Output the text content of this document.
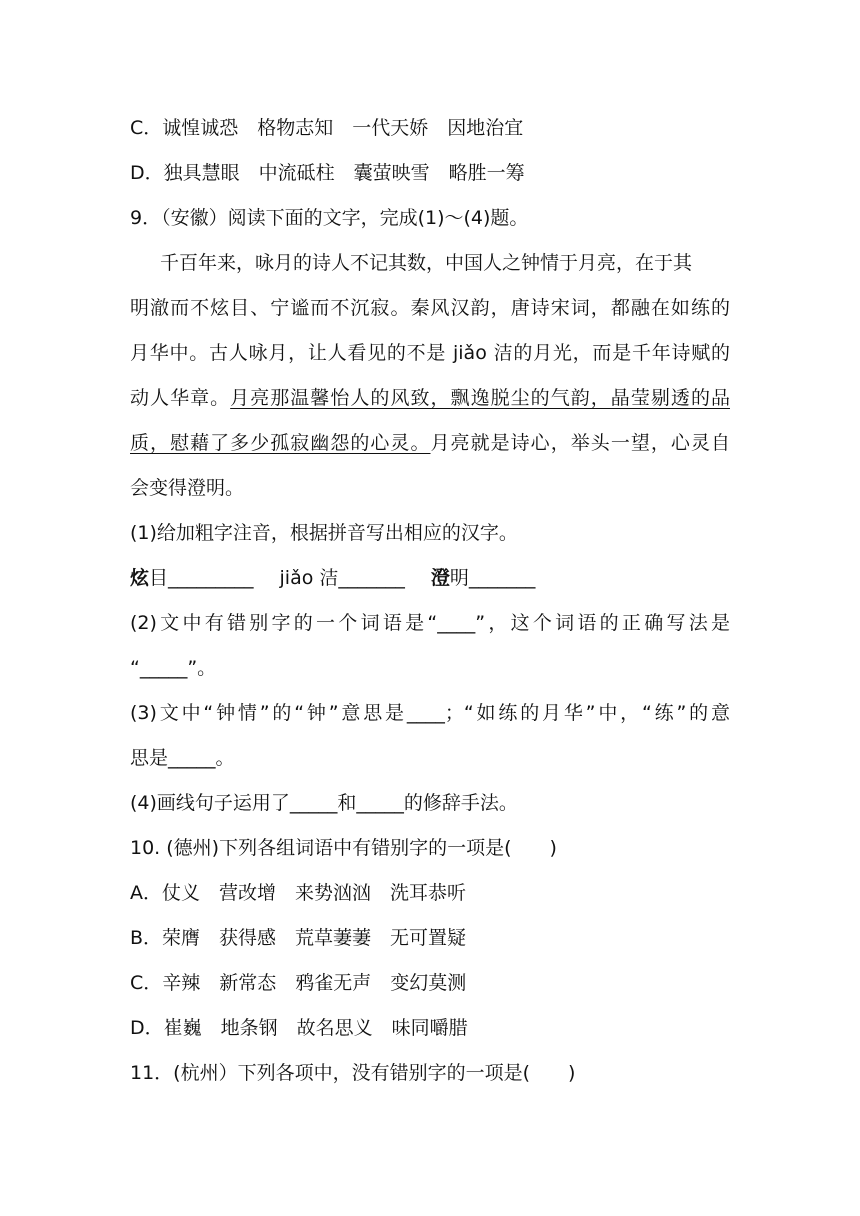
C．诚惶诚恐　格物志知　一代天娇　因地治宜
D．独具慧眼　中流砥柱　囊萤映雪　略胜一筹
9．（安徽）阅读下面的文字，完成(1)～(4)题。
千百年来，咏月的诗人不记其数，中国人之钟情于月亮，在于其
明澈而不炫目、宁谧而不沉寂。秦风汉韵，唐诗宋词，都融在如练的
月华中。古人咏月，让人看见的不是 jiǎo 洁的月光，而是千年诗赋的
动人华章。月亮那温馨怡人的风致，飘逸脱尘的气韵，晶莹剔透的品
质，慰藉了多少孤寂幽怨的心灵。月亮就是诗心，举头一望，心灵自
会变得澄明。
(1)给加粗字注音，根据拼音写出相应的汉字。
炫目_________ jiǎo 洁_______ 澄明_______
(2)文中有错别字的一个词语是“____”，这个词语的正确写法是
“_____”。
(3)文中“钟情”的“钟”意思是____；“如练的月华”中，“练”的意
思是_____。
(4)画线句子运用了_____和_____的修辞手法。
10. (德州)下列各组词语中有错别字的一项是(　　)
A．仗义　营改增　来势汹汹　洗耳恭听
B．荣膺　获得感　荒草萋萋　无可置疑
C．辛辣　新常态　鸦雀无声　变幻莫测
D．崔巍　地条钢　故名思义　味同嚼腊
11．(杭州）下列各项中，没有错别字的一项是(　　)
